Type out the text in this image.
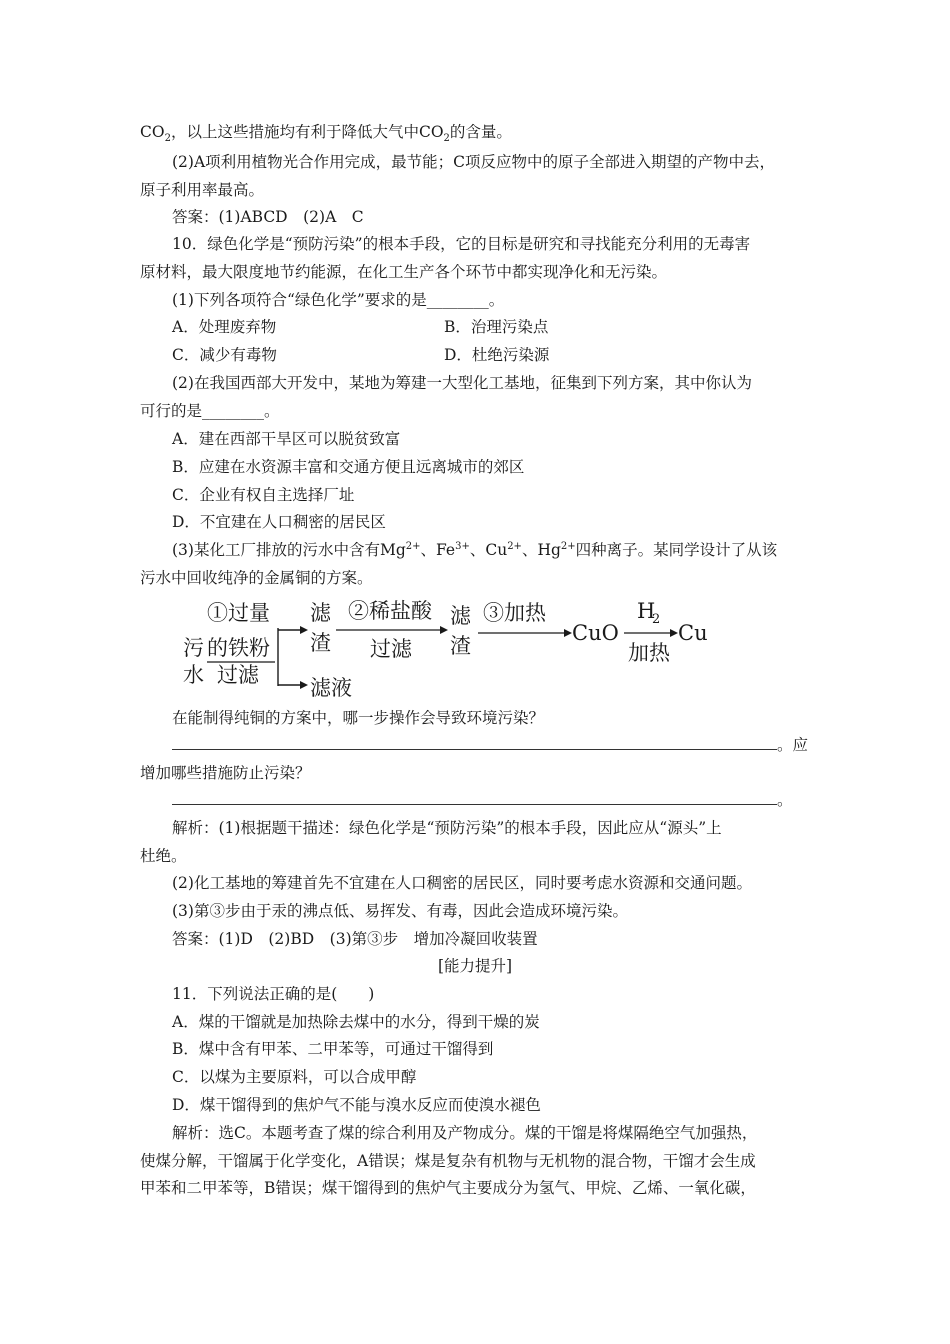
$CO_2$，以上这些措施均有利于降低大气中$CO_2$的含量。
(2)A项利用植物光合作用完成，最节能；C项反应物中的原子全部进入期望的产物中去，
原子利用率最高。
答案：(1)ABCD　(2)A　C
10．绿色化学是“预防污染”的根本手段，它的目标是研究和寻找能充分利用的无毒害
原材料，最大限度地节约能源，在化工生产各个环节中都实现净化和无污染。
(1)下列各项符合“绿色化学”要求的是________。
A．处理废弃物	B．治理污染点
C．减少有毒物	D．杜绝污染源
(2)在我国西部大开发中，某地为筹建一大型化工基地，征集到下列方案，其中你认为
可行的是________。
A．建在西部干旱区可以脱贫致富
B．应建在水资源丰富和交通方便且远离城市的郊区
C．企业有权自主选择厂址
D．不宜建在人口稠密的居民区
(3)某化工厂排放的污水中含有$Mg^{2+}$、$Fe^{3+}$、$Cu^{2+}$、$Hg^{2+}$四种离子。某同学设计了从该
污水中回收纯净的金属铜的方案。
污
水
①过量
的铁粉
过滤
滤
渣
②稀盐酸
过滤
滤
渣
③加热
CuO
H
2
加热
Cu
滤液
在能制得纯铜的方案中，哪一步操作会导致环境污染？
。应
增加哪些措施防止污染？
。
解析：(1)根据题干描述：绿色化学是“预防污染”的根本手段，因此应从“源头”上
杜绝。
(2)化工基地的筹建首先不宜建在人口稠密的居民区，同时要考虑水资源和交通问题。
(3)第③步由于汞的沸点低、易挥发、有毒，因此会造成环境污染。
答案：(1)D　(2)BD　(3)第③步　增加冷凝回收装置
[能力提升]
11．下列说法正确的是(　　)
A．煤的干馏就是加热除去煤中的水分，得到干燥的炭
B．煤中含有甲苯、二甲苯等，可通过干馏得到
C．以煤为主要原料，可以合成甲醇
D．煤干馏得到的焦炉气不能与溴水反应而使溴水褪色
解析：选C。本题考查了煤的综合利用及产物成分。煤的干馏是将煤隔绝空气加强热，
使煤分解，干馏属于化学变化，A错误；煤是复杂有机物与无机物的混合物，干馏才会生成
甲苯和二甲苯等，B错误；煤干馏得到的焦炉气主要成分为氢气、甲烷、乙烯、一氧化碳，
